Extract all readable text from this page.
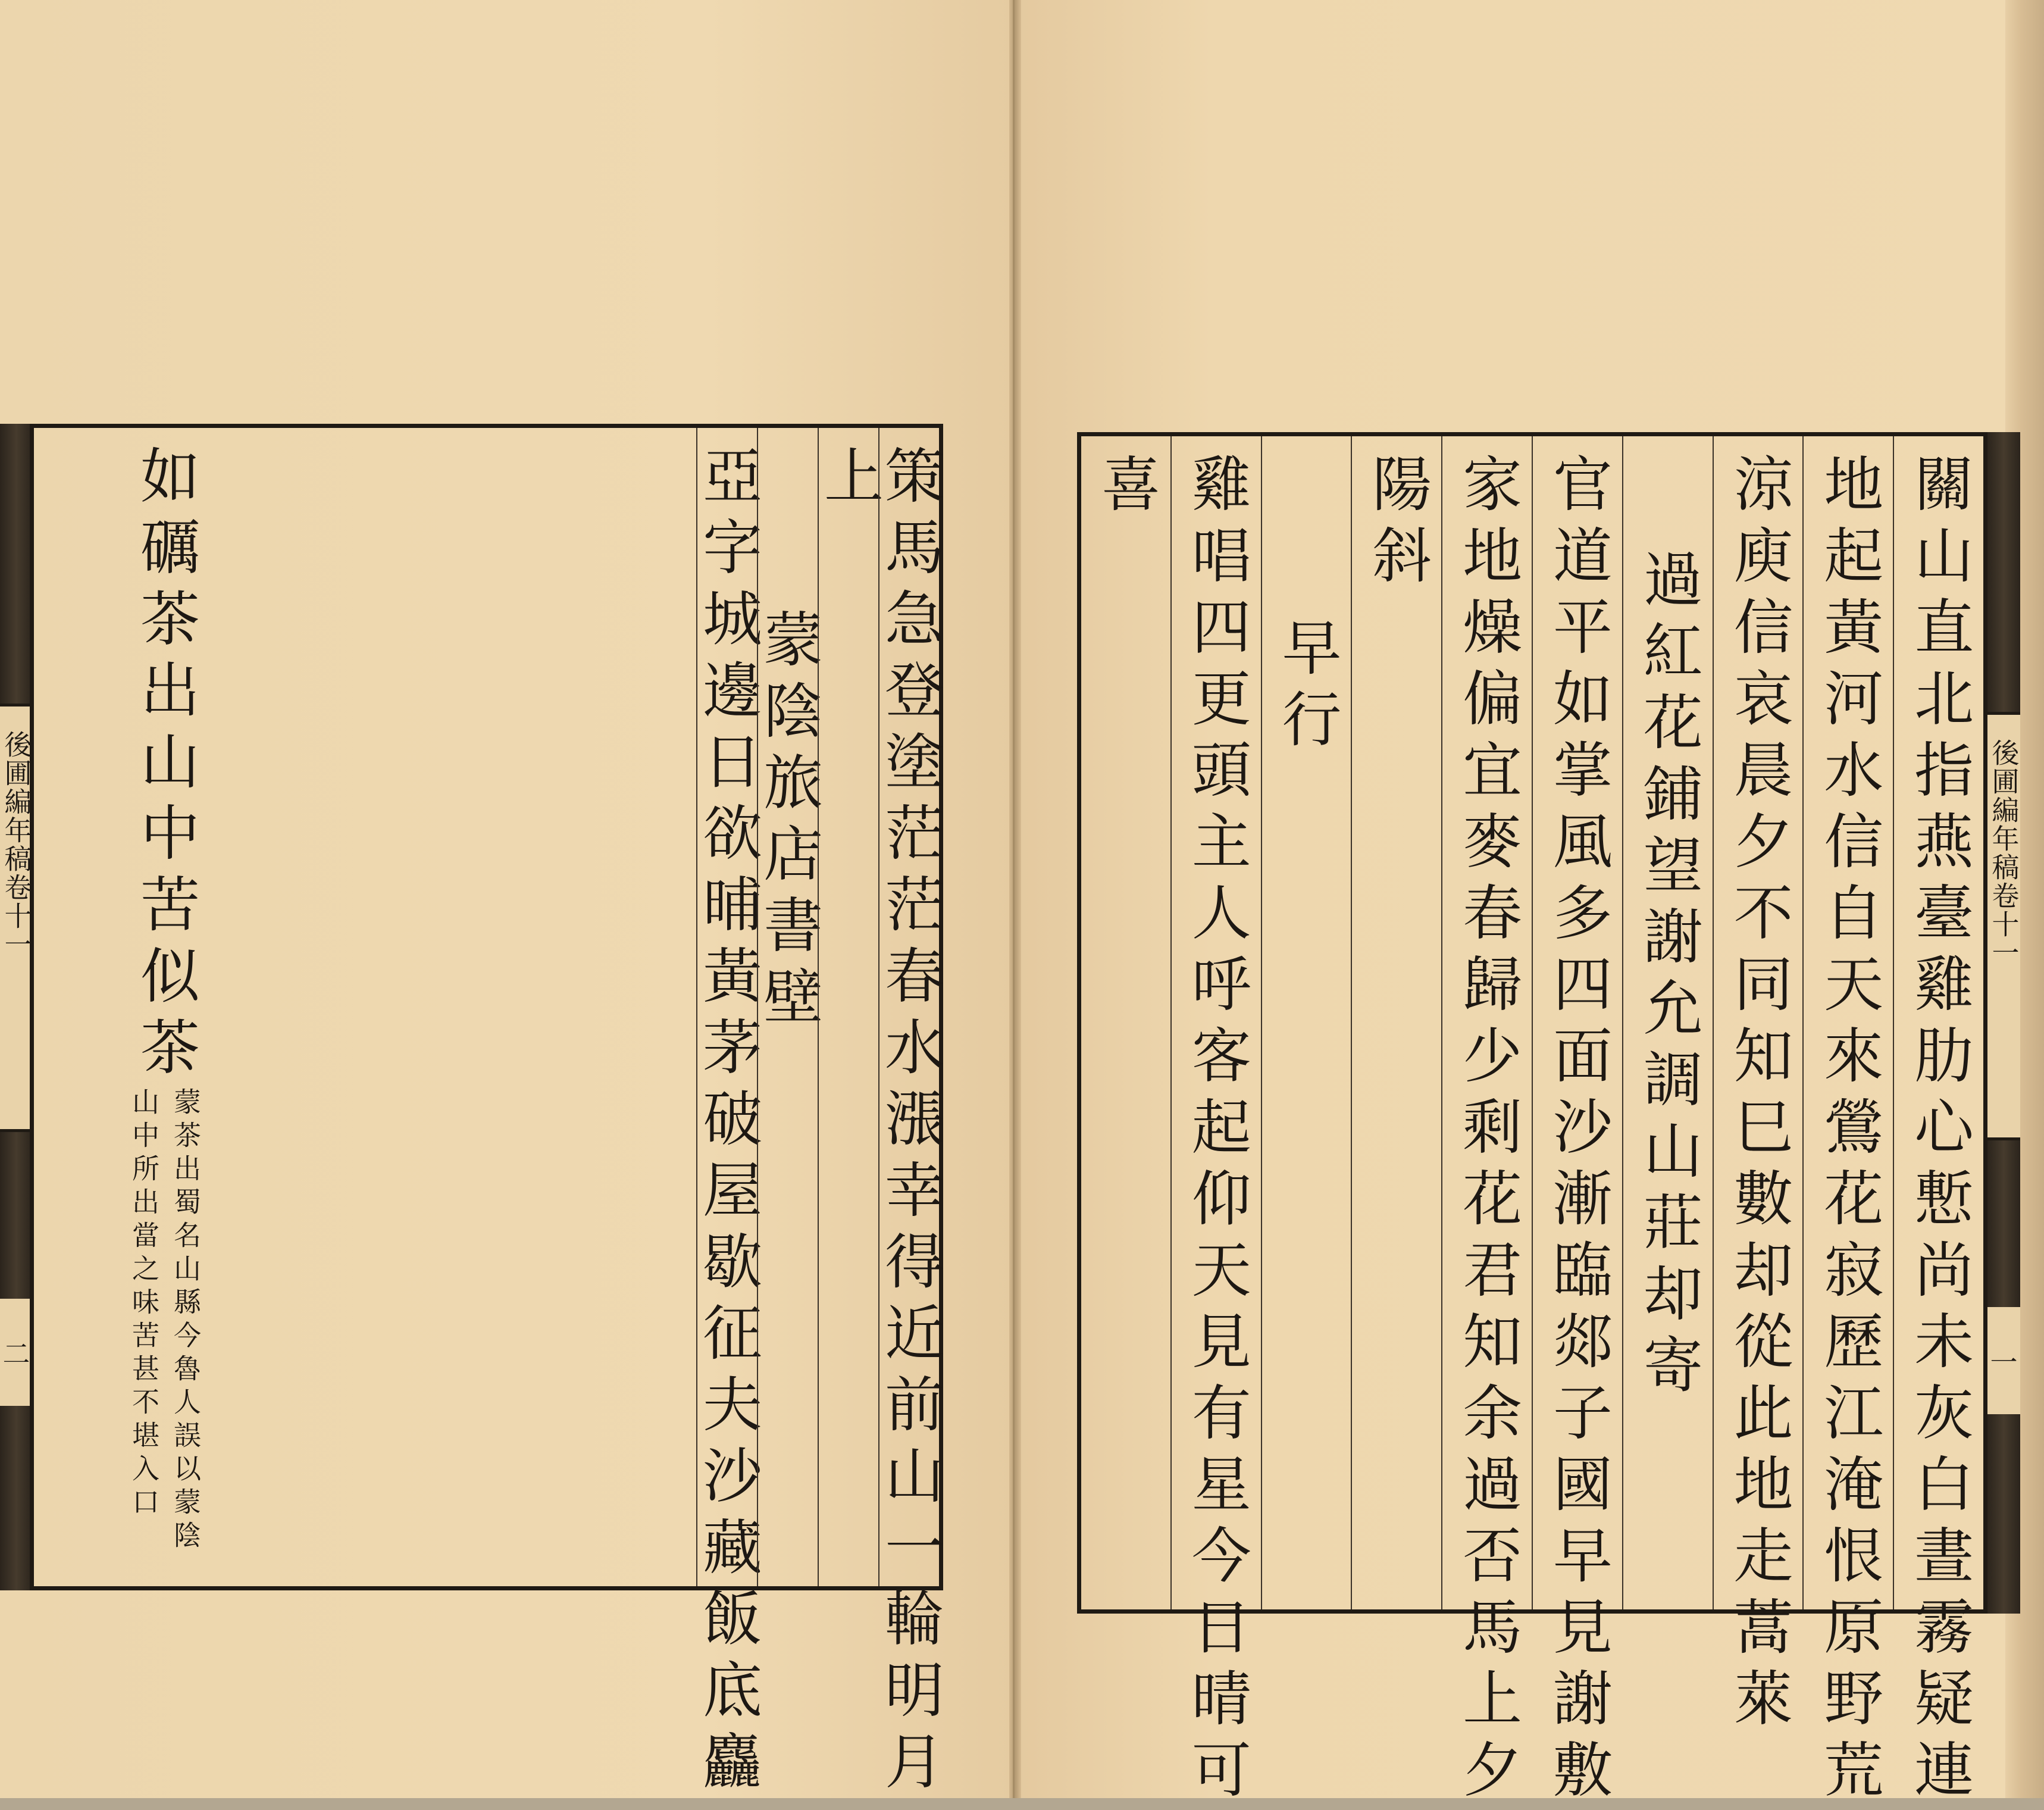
後圃編年稿卷十一
二	策馬急登塗茫茫春水漲幸得近前山一輪明月
上
蒙陰旅店書壁
亞字城邊日欲晡黃茅破屋歇征夫沙藏飯底麤
如礪茶出山中苦似茶
蒙茶出蜀名山縣今魯人誤以蒙陰
山中所出當之味苦甚不堪入口	關山直北指燕臺雞肋心慙尚未灰白晝霧疑連
地起黃河水信自天來鶯花寂歷江淹恨原野荒
涼庾信哀晨夕不同知巳數却從此地走蒿萊
過紅花鋪望謝允調山莊却寄
官道平如掌風多四面沙漸臨郯子國早見謝敷
家地燥偏宜麥春歸少剩花君知余過否馬上夕
陽斜
早行
雞唱四更頭主人呼客起仰天見有星今日晴可
喜
後圃編年稿卷十一
一
